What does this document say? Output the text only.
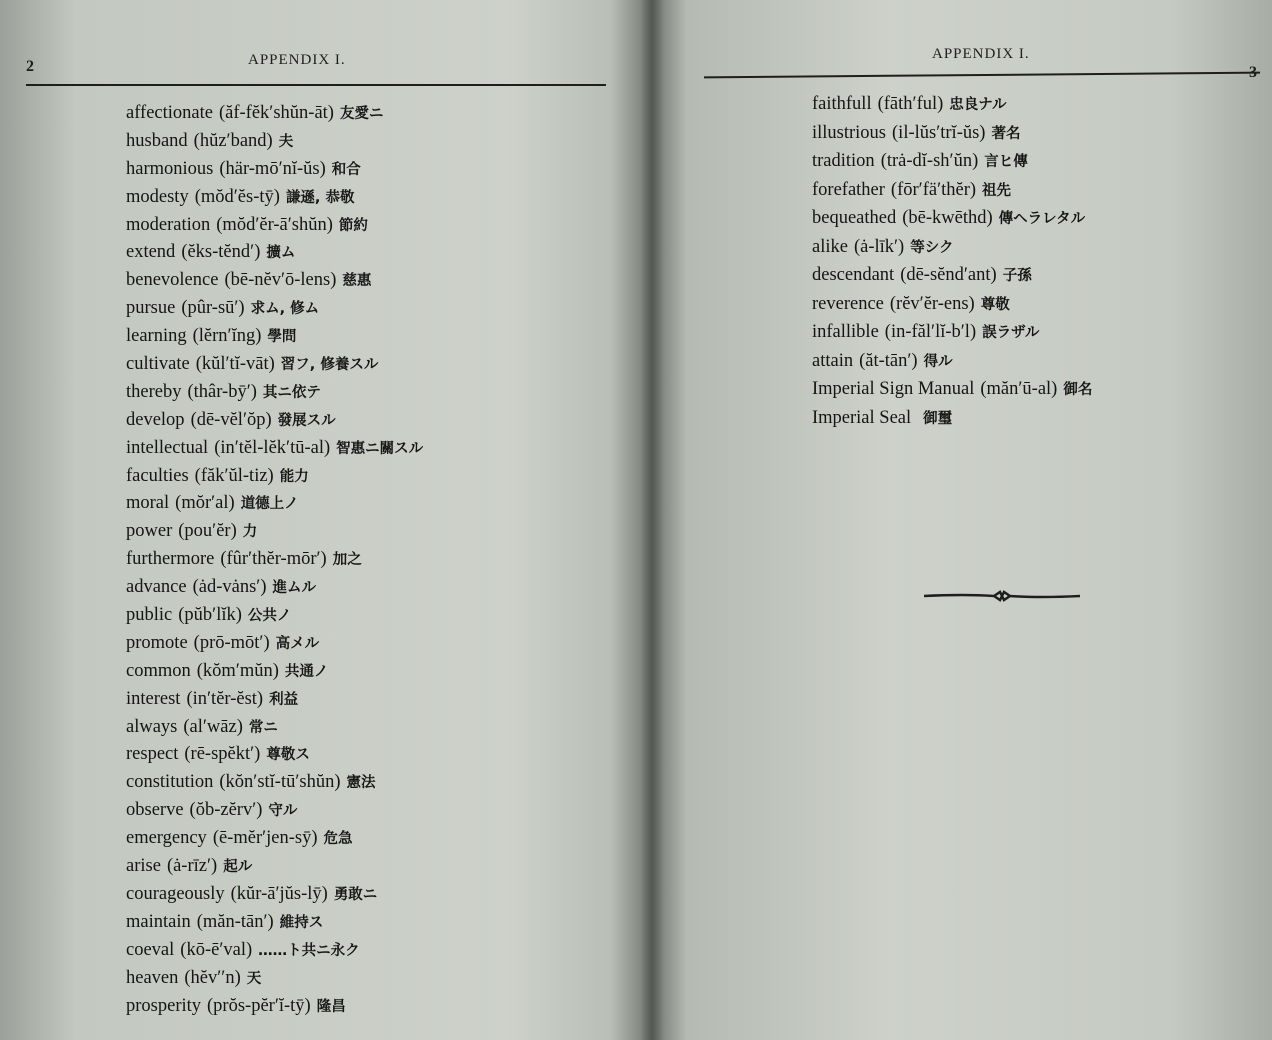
2	APPENDIX I.
affectionate (ăf-fĕk′shŭn-āt) 友愛ニ
husband (hŭz′band) 夫
harmonious (här-mō′nĭ-ŭs) 和合
modesty (mŏd′ĕs-tȳ) 謙遜, 恭敬
moderation (mŏd′ĕr-ā′shŭn) 節約
extend (ĕks-tĕnd′) 擴ム
benevolence (bē-nĕv′ō-lens) 慈惠
pursue (pûr-sū′) 求ム, 修ム
learning (lĕrn′ĭng) 學問
cultivate (kŭl′tĭ-vāt) 習フ, 修養スル
thereby (thâr-bȳ′) 其ニ依テ
develop (dē-vĕl′ŏp) 發展スル
intellectual (in′tĕl-lĕk′tū-al) 智惠ニ關スル
faculties (făk′ŭl-tiz) 能力
moral (mŏr′al) 道德上ノ
power (pou′ĕr) 力
furthermore (fûr′thĕr-mōr′) 加之
advance (ȧd-vȧns′) 進ムル
public (pŭb′lĭk) 公共ノ
promote (prō-mōt′) 高メル
common (kŏm′mŭn) 共通ノ
interest (in′tĕr-ĕst) 利益
always (al′wāz) 常ニ
respect (rē-spĕkt′) 尊敬ス
constitution (kŏn′stĭ-tū′shŭn) 憲法
observe (ŏb-zĕrv′) 守ル
emergency (ē-mĕr′jen-sȳ) 危急
arise (ȧ-rīz′) 起ル
courageously (kŭr-ā′jŭs-lȳ) 勇敢ニ
maintain (măn-tān′) 維持ス
coeval (kō-ē′val) ……ト共ニ永ク
heaven (hĕv′′n) 天
prosperity (prŏs-pĕr′ĭ-tȳ) 隆昌
APPENDIX I.
faithfull (fāth′ful) 忠良ナル
illustrious (il-lŭs′trĭ-ŭs) 著名
tradition (trȧ-dĭ-sh′ŭn) 言ヒ傳
forefather (fōr′fä′thĕr) 祖先
bequeathed (bē-kwēthd) 傳ヘラレタル
alike (ȧ-līk′) 等シク
descendant (dē-sĕnd′ant) 子孫
reverence (rĕv′ĕr-ens) 尊敬
infallible (in-făl′lĭ-b′l) 誤ラザル
attain (ăt-tān′) 得ル
Imperial Sign Manual (măn′ū-al) 御名
Imperial Seal 御璽
